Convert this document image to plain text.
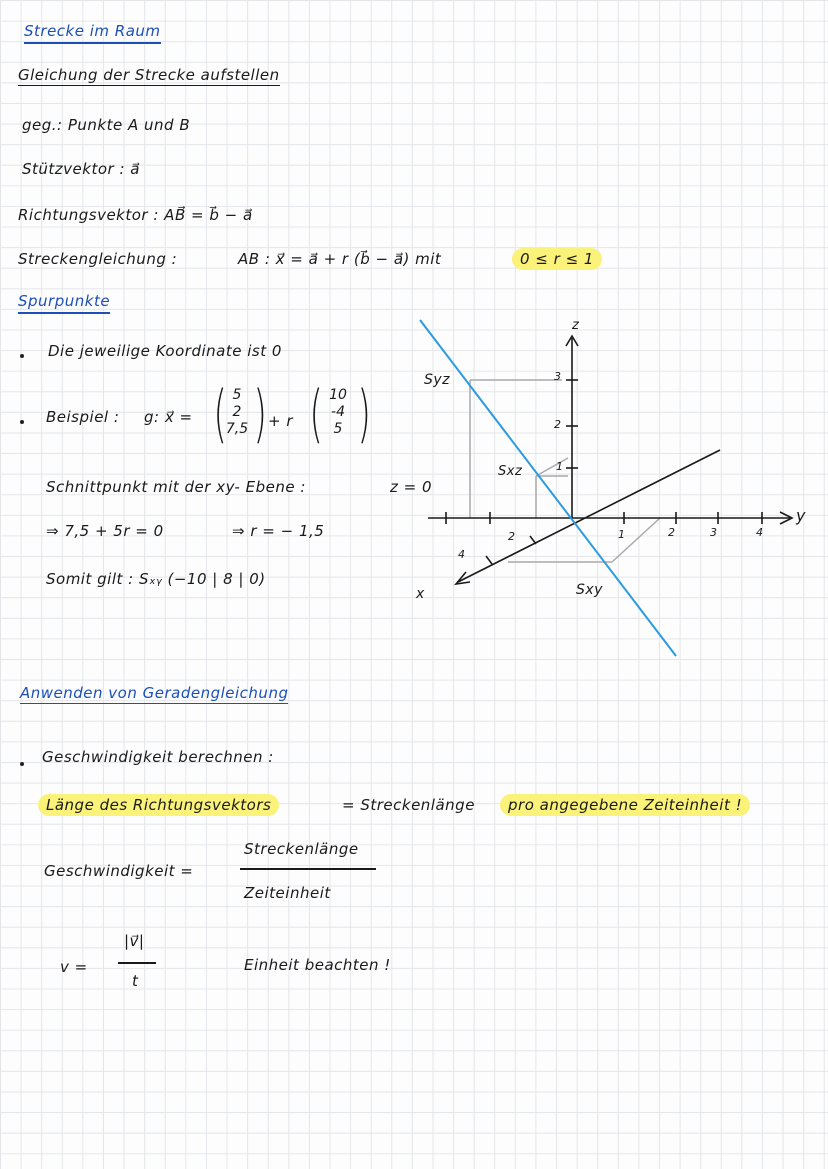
Strecke im Raum
Gleichung der Strecke aufstellen
geg.: Punkte A und B
Stützvektor : a⃗
Richtungsvektor : AB⃗ = b⃗ − a⃗
Streckengleichung :	AB : x⃗ = a⃗ + r (b⃗ − a⃗) mit	0 ≤ r ≤ 1
Spurpunkte
Die jeweilige Koordinate ist 0
Beispiel : g: x⃗ = ( 5
2
7,5 ) + r ( 10
-4
5 )
Schnittpunkt mit der xy- Ebene :	z = 0
⇒ 7,5 + 5r = 0	⇒ r = − 1,5
Somit gilt : Sₓᵧ (−10 | 8 | 0)
z
y
x
Syz
Sxz
Sxy
3
2
1
1	2	3	4
2
4
Anwenden von Geradengleichung
Geschwindigkeit berechnen :
Länge des Richtungsvektors	= Streckenlänge	pro angegebene Zeiteinheit !
Geschwindigkeit =
Streckenlänge
Zeiteinheit
v =
|v⃗|
t
Einheit beachten !
